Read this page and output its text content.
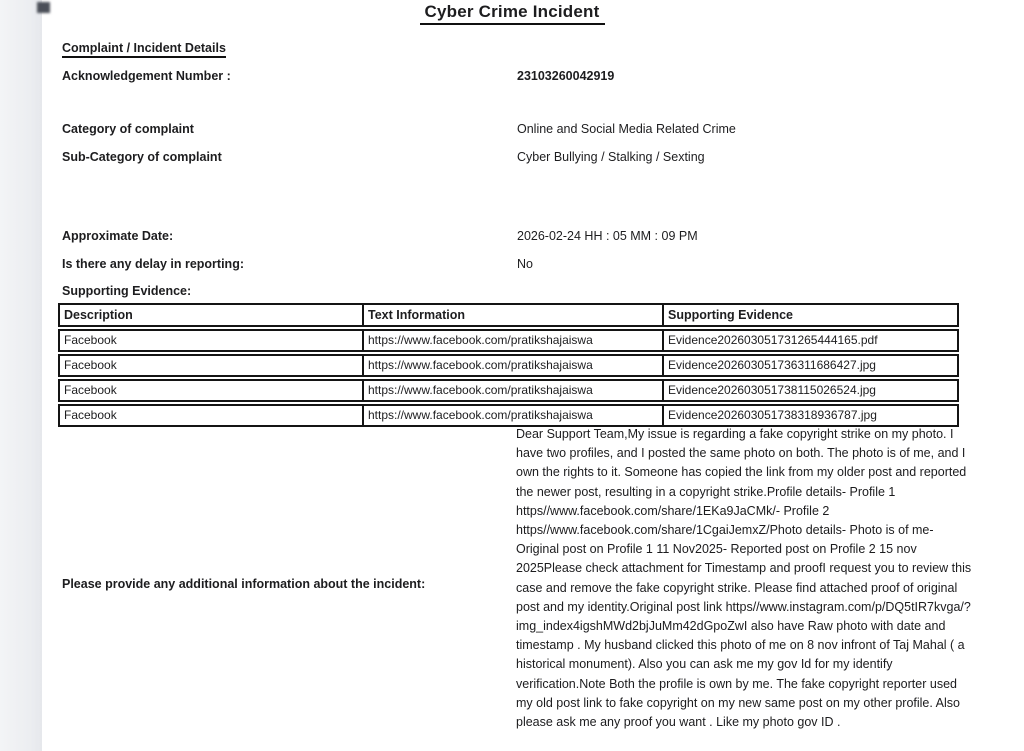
Cyber Crime Incident
Complaint / Incident Details
Acknowledgement Number :	23103260042919
Category of complaint	Online and Social Media Related Crime
Sub-Category of complaint	Cyber Bullying / Stalking / Sexting
Approximate Date:	2026-02-24 HH : 05 MM : 09 PM
Is there any delay in reporting:	No
Supporting Evidence:
Description	Text Information	Supporting Evidence
Facebook	https://www.facebook.com/pratikshajaiswa	Evidence202603051731265444165.pdf
Facebook	https://www.facebook.com/pratikshajaiswa	Evidence202603051736311686427.jpg
Facebook	https://www.facebook.com/pratikshajaiswa	Evidence202603051738115026524.jpg
Facebook	https://www.facebook.com/pratikshajaiswa	Evidence202603051738318936787.jpg
Please provide any additional information about the incident:
Dear Support Team,My issue is regarding a fake copyright strike on my photo. I have two profiles, and I posted the same photo on both. The photo is of me, and I own the rights to it. Someone has copied the link from my older post and reported the newer post, resulting in a copyright strike.Profile details- Profile 1 https//www.facebook.com/share/1EKa9JaCMk/- Profile 2 https//www.facebook.com/share/1CgaiJemxZ/Photo details- Photo is of me- Original post on Profile 1 11 Nov2025- Reported post on Profile 2 15 nov 2025Please check attachment for Timestamp and proofI request you to review this case and remove the fake copyright strike. Please find attached proof of original post and my identity.Original post link https//www.instagram.com/p/DQ5tIR7kvga/?img_index4igshMWd2bjJuMm42dGpoZwI also have Raw photo with date and timestamp . My husband clicked this photo of me on 8 nov infront of Taj Mahal ( a historical monument). Also you can ask me my gov Id for my identify verification.Note Both the profile is own by me. The fake copyright reporter used my old post link to fake copyright on my new same post on my other profile. Also please ask me any proof you want . Like my photo gov ID .
